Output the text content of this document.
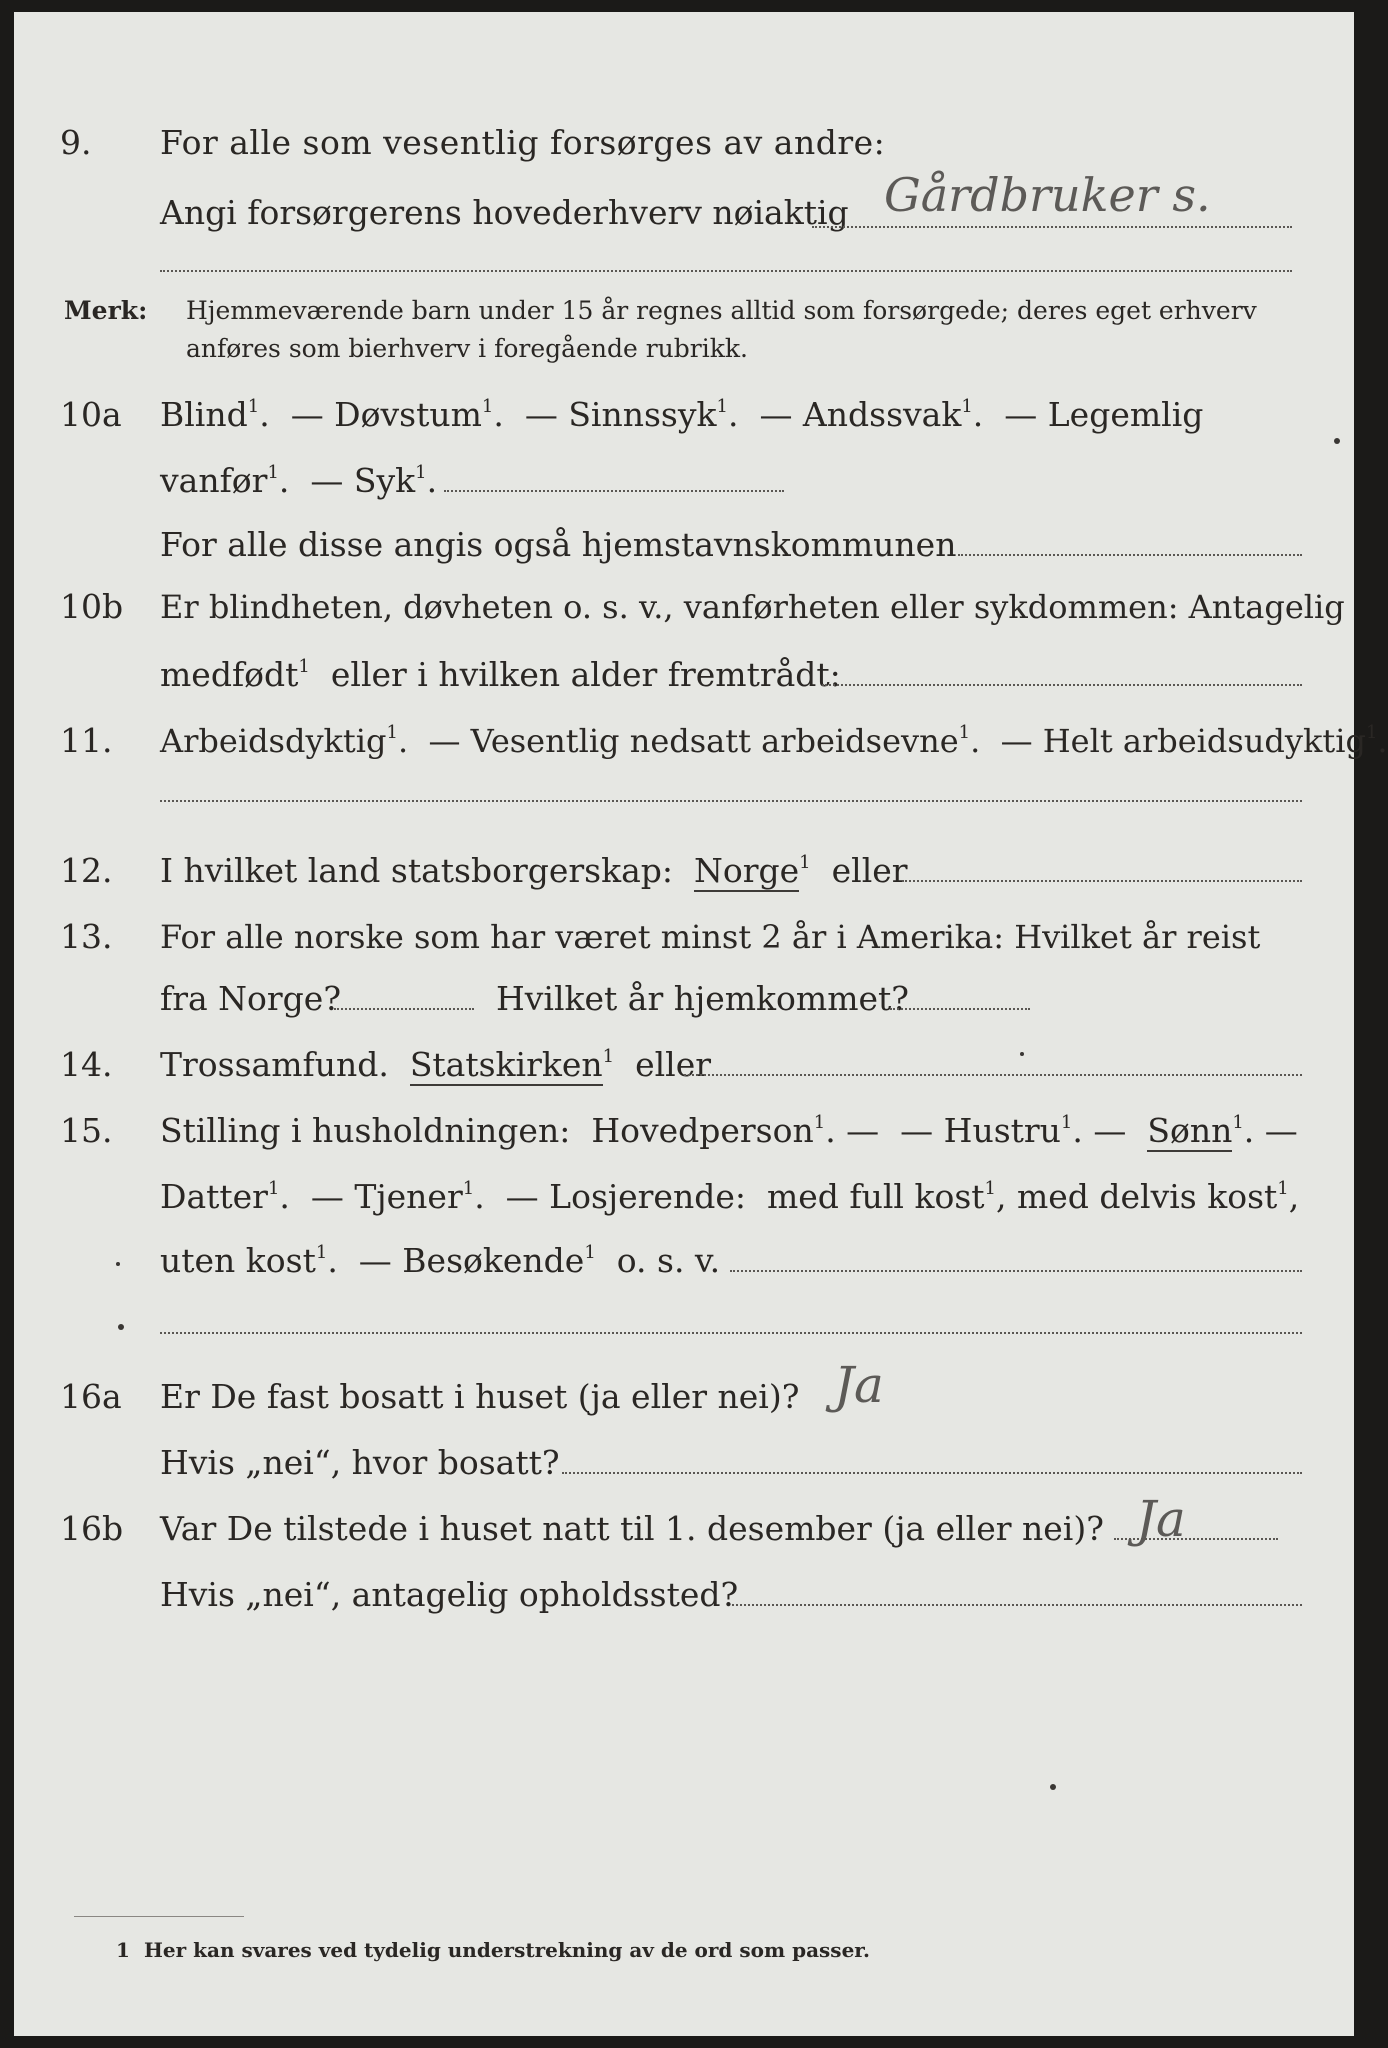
9. For alle som vesentlig forsørges av andre:
Angi forsørgerens hovederhverv nøiaktig Gårdbruker s.
Merk: Hjemmeværende barn under 15 år regnes alltid som forsørgede; deres eget erhverv
anføres som bierhverv i foregående rubrikk.
10a Blind$^1$.  — Døvstum$^1$.  — Sinnssyk$^1$.  — Andssvak$^1$.  — Legemlig
vanfør$^1$.  — Syk$^1$.
For alle disse angis også hjemstavnskommunen
10b Er blindheten, døvheten o. s. v., vanførheten eller sykdommen: Antagelig
medfødt$^1$ eller i hvilken alder fremtrådt:
11. Arbeidsdyktig$^1$.  — Vesentlig nedsatt arbeidsevne$^1$.  — Helt arbeidsudyktig$^1$.
12. I hvilket land statsborgerskap: Norge$^1$ eller
13. For alle norske som har været minst 2 år i Amerika: Hvilket år reist
fra Norge?	Hvilket år hjemkommet?
14. Trossamfund. Statskirken$^1$ eller
15. Stilling i husholdningen: Hovedperson$^1$. —  — Hustru$^1$. —  Sønn$^1$. —
Datter$^1$.  — Tjener$^1$.  — Losjerende: med full kost$^1$, med delvis kost$^1$,
uten kost$^1$.  — Besøkende$^1$ o. s. v.
16a Er De fast bosatt i huset (ja eller nei)? Ja
Hvis „nei“, hvor bosatt?
16b Var De tilstede i huset natt til 1. desember (ja eller nei)? Ja
Hvis „nei“, antagelig opholdssted?
1 Her kan svares ved tydelig understrekning av de ord som passer.
